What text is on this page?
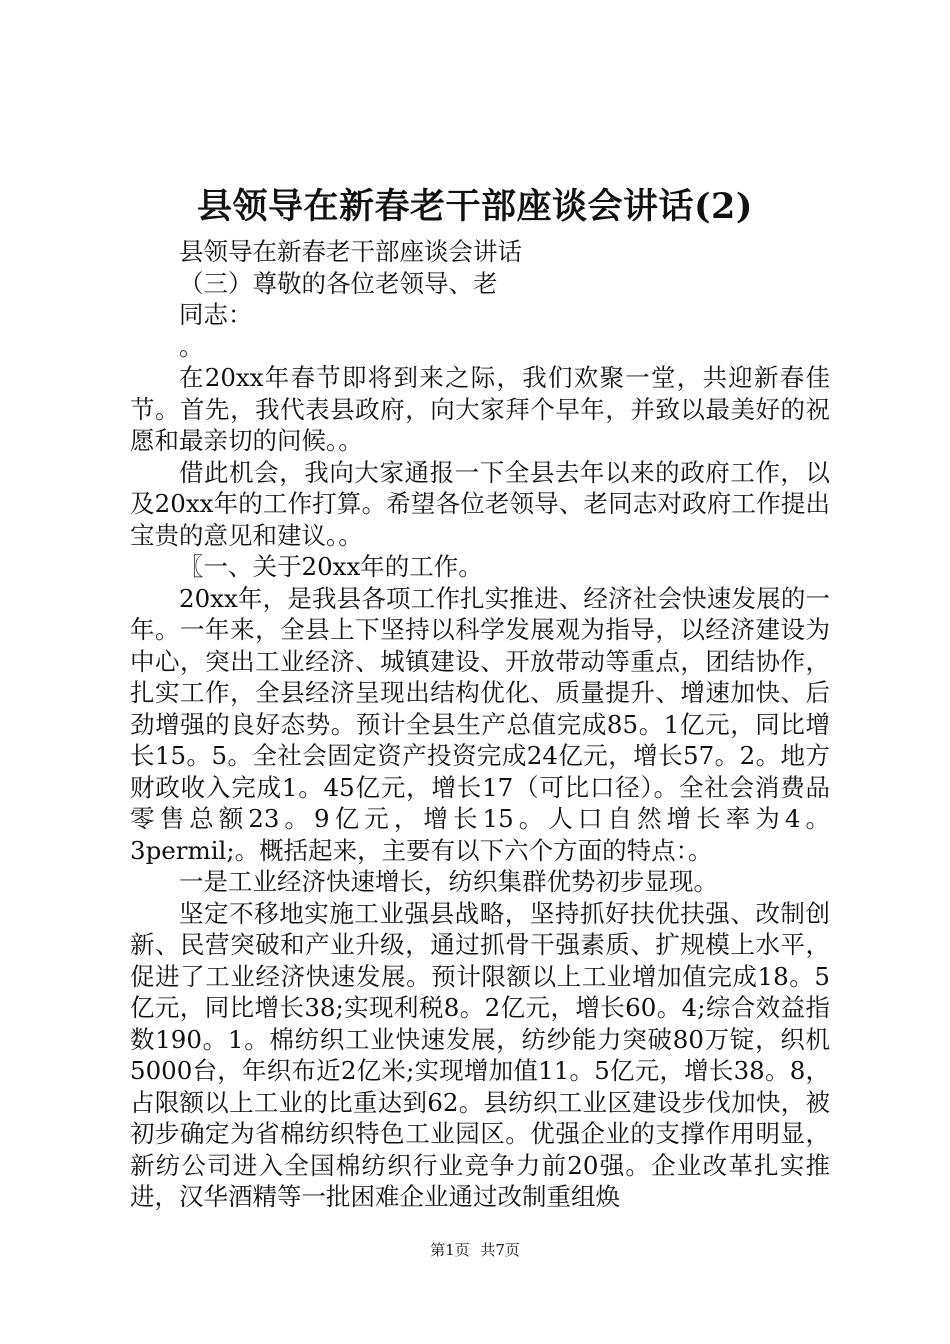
县领导在新春老干部座谈会讲话(2)

县领导在新春老干部座谈会讲话

（三）尊敬的各位老领导、老

同志：

。

在20xx年春节即将到来之际，我们欢聚一堂，共迎新春佳节。首先，我代表县政府，向大家拜个早年，并致以最美好的祝愿和最亲切的问候。。

借此机会，我向大家通报一下全县去年以来的政府工作，以及20xx年的工作打算。希望各位老领导、老同志对政府工作提出宝贵的意见和建议。。

〖一、关于20xx年的工作。

20xx年，是我县各项工作扎实推进、经济社会快速发展的一年。一年来，全县上下坚持以科学发展观为指导，以经济建设为中心，突出工业经济、城镇建设、开放带动等重点，团结协作，扎实工作，全县经济呈现出结构优化、质量提升、增速加快、后劲增强的良好态势。预计全县生产总值完成85。1亿元，同比增长15。5。全社会固定资产投资完成24亿元，增长57。2。地方财政收入完成1。45亿元，增长17（可比口径）。全社会消费品零售总额23。9亿元，增长15。人口自然增长率为4。3permil;。概括起来，主要有以下六个方面的特点：。

一是工业经济快速增长，纺织集群优势初步显现。

坚定不移地实施工业强县战略，坚持抓好扶优扶强、改制创新、民营突破和产业升级，通过抓骨干强素质、扩规模上水平，促进了工业经济快速发展。预计限额以上工业增加值完成18。5亿元，同比增长38;实现利税8。2亿元，增长60。4;综合效益指数190。1。棉纺织工业快速发展，纺纱能力突破80万锭，织机5000台，年织布近2亿米;实现增加值11。5亿元，增长38。8，占限额以上工业的比重达到62。县纺织工业区建设步伐加快，被初步确定为省棉纺织特色工业园区。优强企业的支撑作用明显，新纺公司进入全国棉纺织行业竞争力前20强。企业改革扎实推进，汉华酒精等一批困难企业通过改制重组焕

第1页 共7页
